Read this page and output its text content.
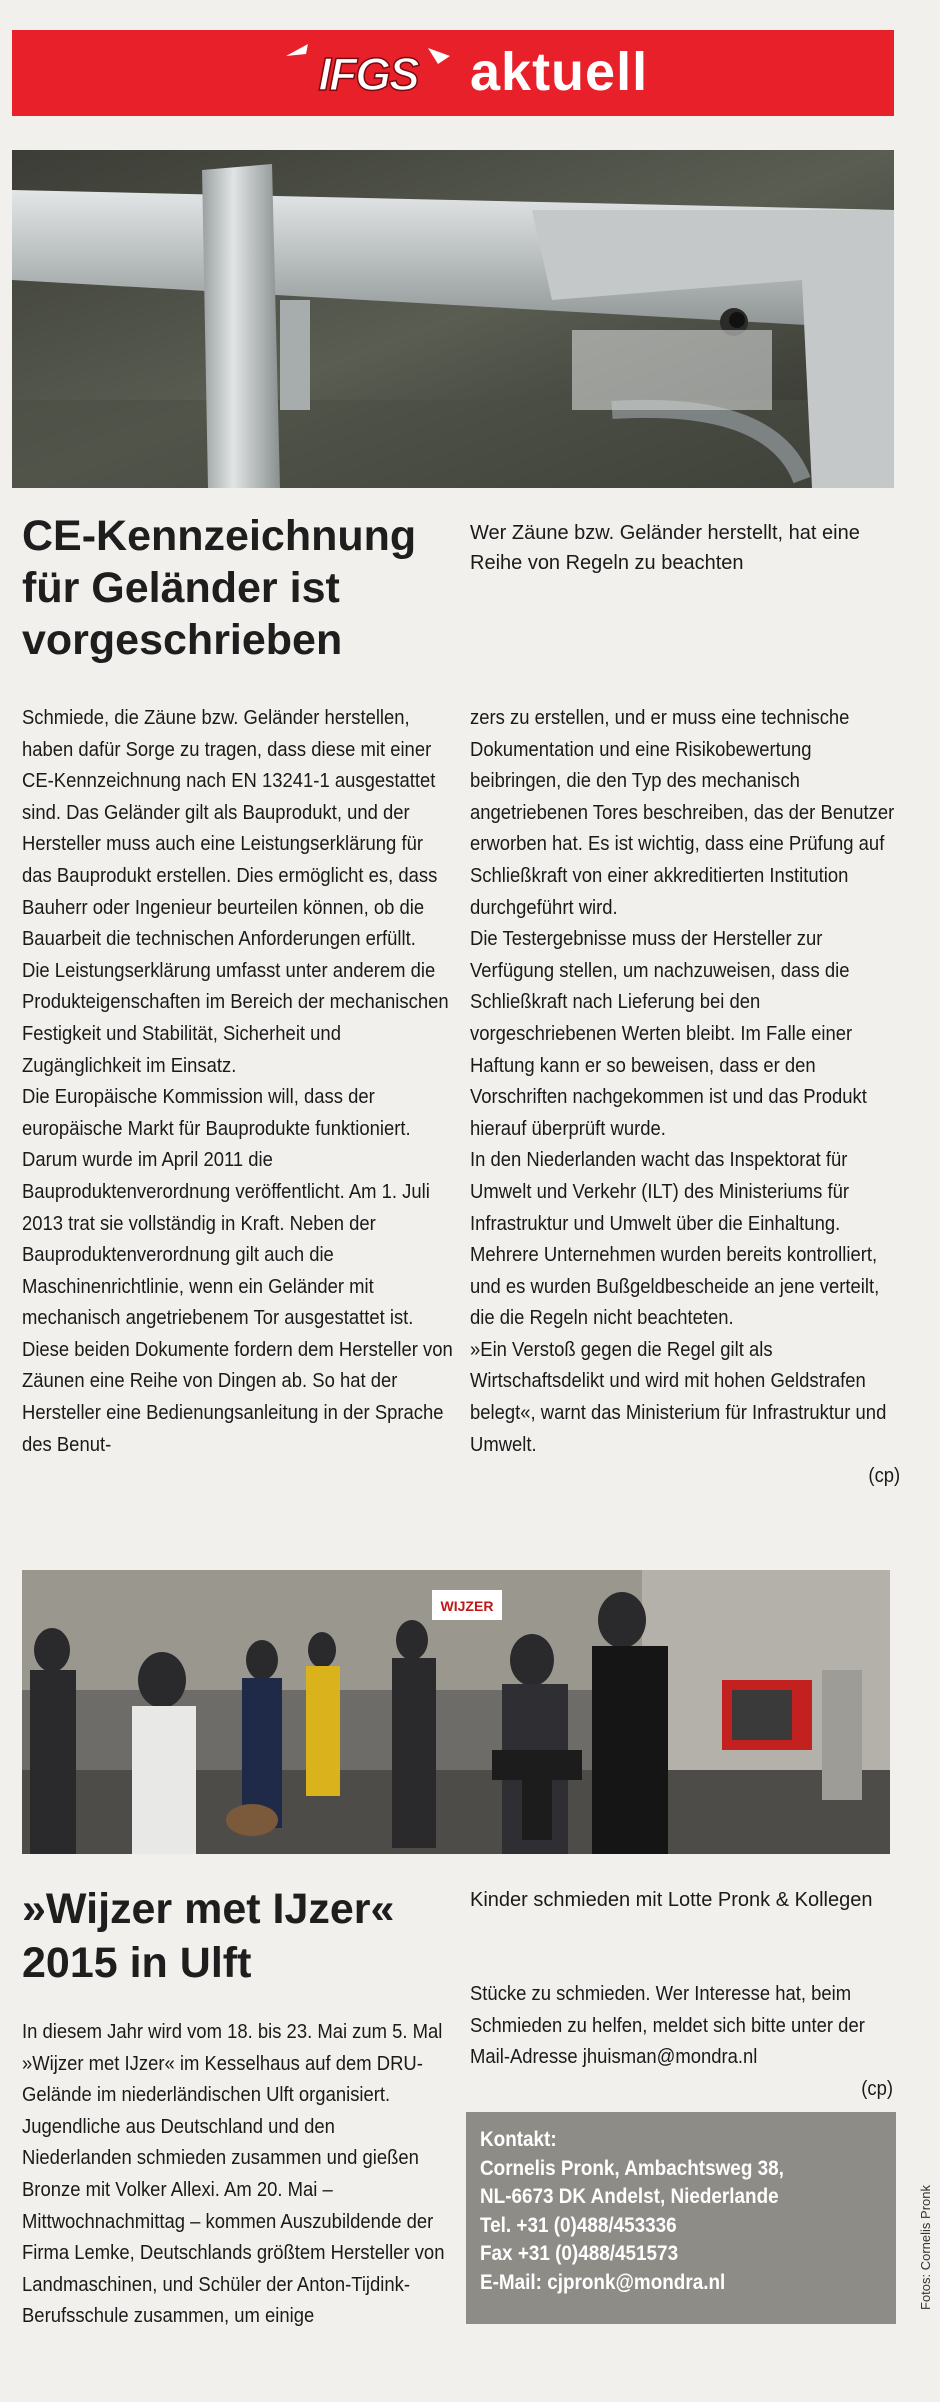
IFGS aktuell
CE-Kennzeichnung für Geländer ist vorgeschrieben
Wer Zäune bzw. Geländer herstellt, hat eine Reihe von Regeln zu beachten

Schmiede, die Zäune bzw. Geländer herstellen, haben dafür Sorge zu tragen, dass diese mit einer CE-Kennzeichnung nach EN 13241-1 ausgestattet sind. Das Geländer gilt als Bauprodukt, und der Hersteller muss auch eine Leistungserklärung für das Bauprodukt erstellen. Dies ermöglicht es, dass Bauherr oder Ingenieur beurteilen können, ob die Bauarbeit die technischen Anforderungen erfüllt.
Die Leistungserklärung umfasst unter anderem die Produkteigenschaften im Bereich der mechanischen Festigkeit und Stabilität, Sicherheit und Zugänglichkeit im Einsatz.
Die Europäische Kommission will, dass der europäische Markt für Bauprodukte funktioniert. Darum wurde im April 2011 die Bauproduktenverordnung veröffentlicht. Am 1. Juli 2013 trat sie vollständig in Kraft. Neben der Bauproduktenverordnung gilt auch die Maschinenrichtlinie, wenn ein Geländer mit mechanisch angetriebenem Tor ausgestattet ist. Diese beiden Dokumente fordern dem Hersteller von Zäunen eine Reihe von Dingen ab. So hat der Hersteller eine Bedienungsanleitung in der Sprache des Benut-

zers zu erstellen, und er muss eine technische Dokumentation und eine Risikobewertung beibringen, die den Typ des mechanisch angetriebenen Tores beschreiben, das der Benutzer erworben hat. Es ist wichtig, dass eine Prüfung auf Schließkraft von einer akkreditierten Institution durchgeführt wird.
Die Testergebnisse muss der Hersteller zur Verfügung stellen, um nachzuweisen, dass die Schließkraft nach Lieferung bei den vorgeschriebenen Werten bleibt. Im Falle einer Haftung kann er so beweisen, dass er den Vorschriften nachgekommen ist und das Produkt hierauf überprüft wurde.
In den Niederlanden wacht das Inspektorat für Umwelt und Verkehr (ILT) des Ministeriums für Infrastruktur und Umwelt über die Einhaltung. Mehrere Unternehmen wurden bereits kontrolliert, und es wurden Bußgeldbescheide an jene verteilt, die die Regeln nicht beachteten.
»Ein Verstoß gegen die Regel gilt als Wirtschaftsdelikt und wird mit hohen Geldstrafen belegt«, warnt das Ministerium für Infrastruktur und Umwelt.

(cp)

WIJZER
»Wijzer met IJzer« 2015 in Ulft
Kinder schmieden mit Lotte Pronk & Kollegen

In diesem Jahr wird vom 18. bis 23. Mai zum 5. Mal »Wijzer met IJzer« im Kesselhaus auf dem DRU-Gelände im niederländischen Ulft organisiert. Jugendliche aus Deutschland und den Niederlanden schmieden zusammen und gießen Bronze mit Volker Allexi. Am 20. Mai – Mittwochnachmittag – kommen Auszubildende der Firma Lemke, Deutschlands größtem Hersteller von Landmaschinen, und Schüler der Anton-Tijdink-Berufsschule zusammen, um einige

Stücke zu schmieden. Wer Interesse hat, beim Schmieden zu helfen, meldet sich bitte unter der Mail-Adresse jhuisman@mondra.nl

(cp)

Kontakt:
Cornelis Pronk, Ambachtsweg 38,
NL-6673 DK Andelst, Niederlande
Tel. +31 (0)488/453336
Fax +31 (0)488/451573
E-Mail: cjpronk@mondra.nl	Fotos: Cornelis Pronk
